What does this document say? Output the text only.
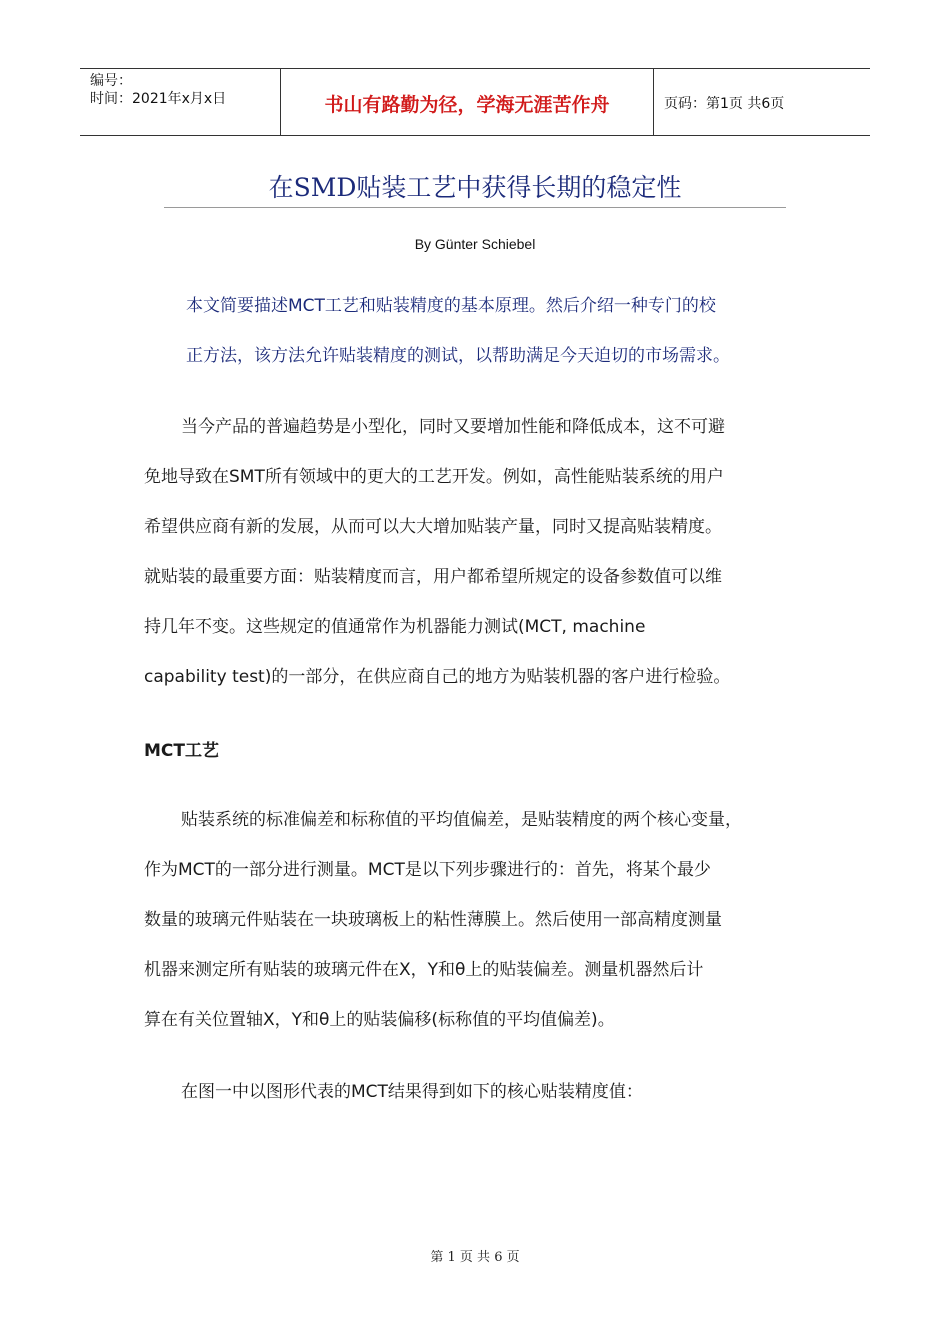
编号：
时间：2021年x月x日	书山有路勤为径，学海无涯苦作舟	页码：第1页 共6页
在SMD贴装工艺中获得长期的稳定性
By Günter Schiebel
本文简要描述MCT工艺和贴装精度的基本原理。然后介绍一种专门的校
正方法，该方法允许贴装精度的测试，以帮助满足今天迫切的市场需求。
当今产品的普遍趋势是小型化，同时又要增加性能和降低成本，这不可避
免地导致在SMT所有领域中的更大的工艺开发。例如，高性能贴装系统的用户
希望供应商有新的发展，从而可以大大增加贴装产量，同时又提高贴装精度。
就贴装的最重要方面：贴装精度而言，用户都希望所规定的设备参数值可以维
持几年不变。这些规定的值通常作为机器能力测试(MCT, machine
capability test)的一部分，在供应商自己的地方为贴装机器的客户进行检验。
MCT工艺
贴装系统的标准偏差和标称值的平均值偏差，是贴装精度的两个核心变量，
作为MCT的一部分进行测量。MCT是以下列步骤进行的：首先，将某个最少
数量的玻璃元件贴装在一块玻璃板上的粘性薄膜上。然后使用一部高精度测量
机器来测定所有贴装的玻璃元件在X，Y和θ上的贴装偏差。测量机器然后计
算在有关位置轴X，Y和θ上的贴装偏移(标称值的平均值偏差)。
在图一中以图形代表的MCT结果得到如下的核心贴装精度值：
第 1 页 共 6 页
